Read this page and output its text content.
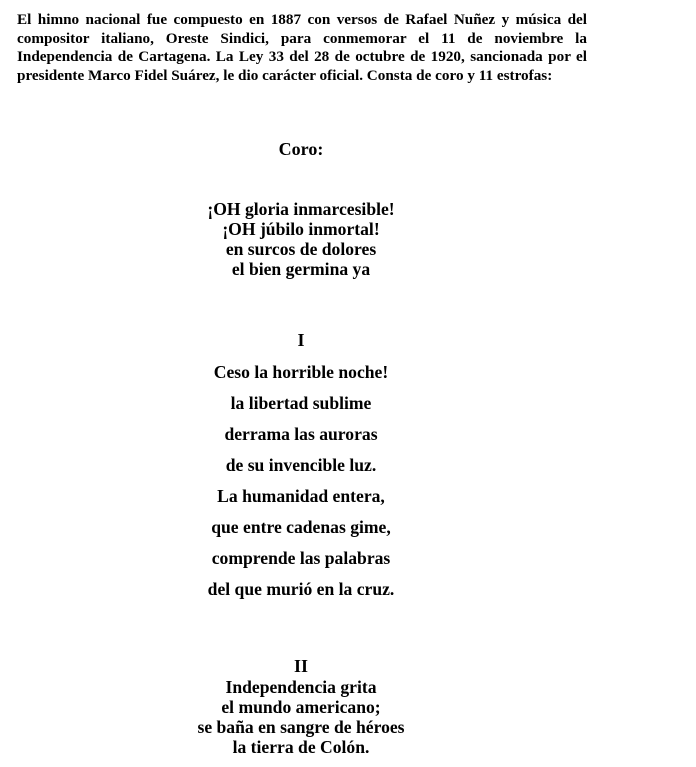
El himno nacional fue compuesto en 1887 con versos de Rafael Nuñez y música del compositor italiano, Oreste Sindici, para conmemorar el 11 de noviembre la Independencia de Cartagena. La Ley 33 del 28 de octubre de 1920, sancionada por el presidente Marco Fidel Suárez, le dio carácter oficial. Consta de coro y 11 estrofas:

Coro:

¡OH gloria inmarcesible!

¡OH júbilo inmortal!

en surcos de dolores

el bien germina ya

I

Ceso la horrible noche!

la libertad sublime

derrama las auroras

de su invencible luz.

La humanidad entera,

que entre cadenas gime,

comprende las palabras

del que murió en la cruz.

II

Independencia grita

el mundo americano;

se baña en sangre de héroes

la tierra de Colón.
